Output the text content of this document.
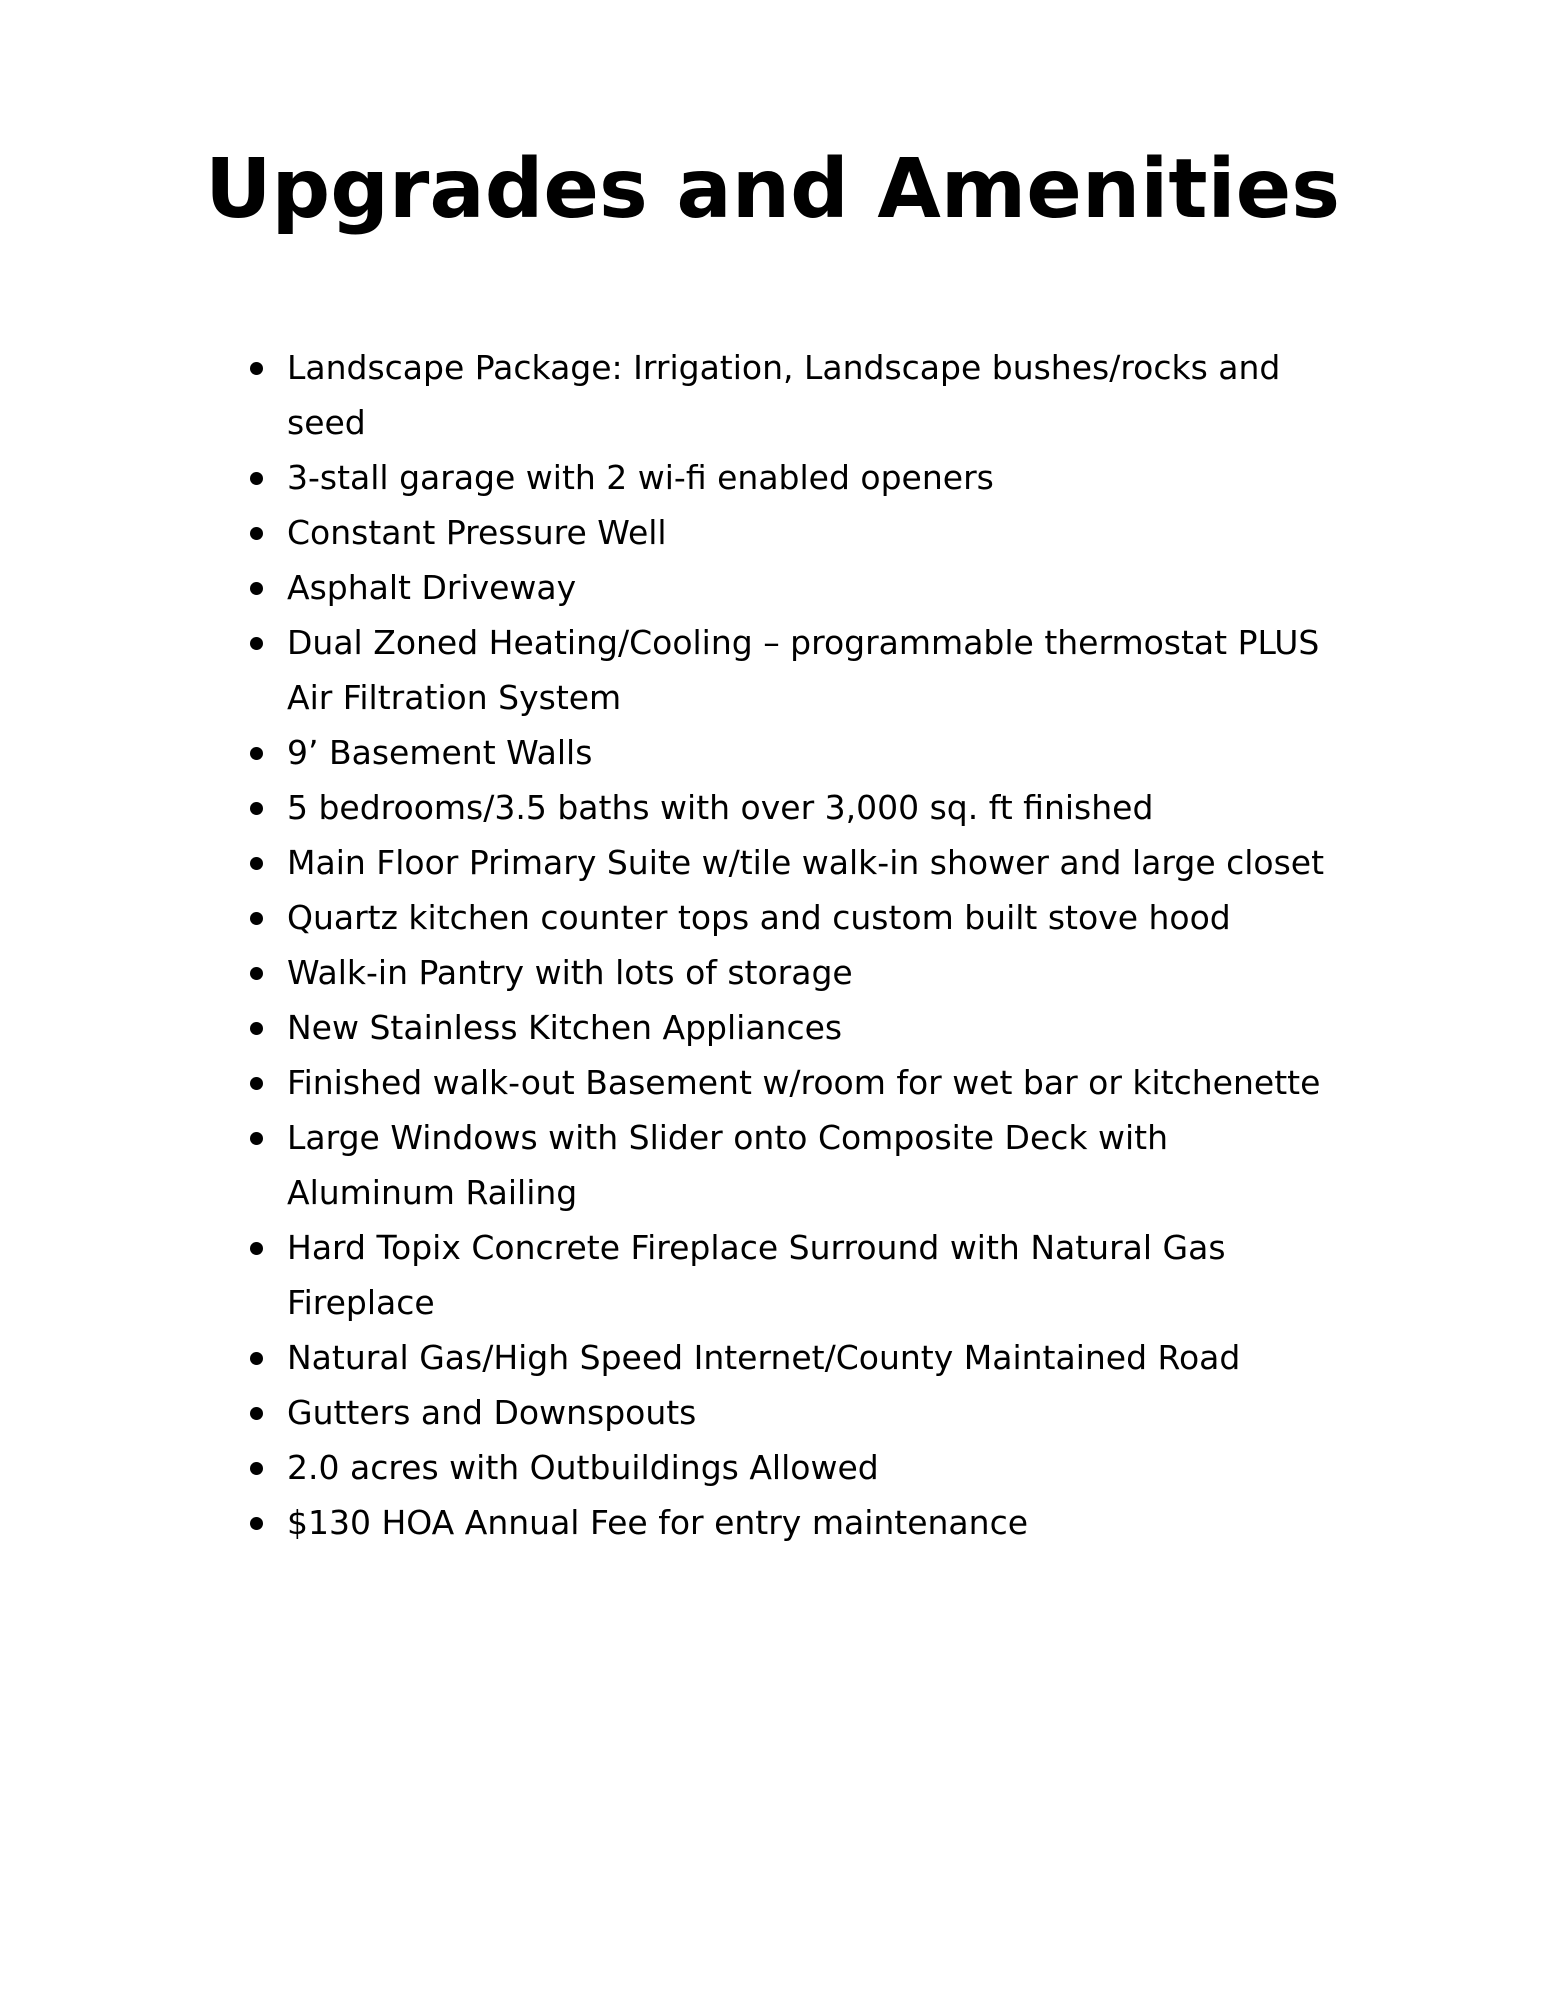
Upgrades and Amenities
Landscape Package: Irrigation, Landscape bushes/rocks and seed
3-stall garage with 2 wi-fi enabled openers
Constant Pressure Well
Asphalt Driveway
Dual Zoned Heating/Cooling – programmable thermostat PLUS Air Filtration System
9’ Basement Walls
5 bedrooms/3.5 baths with over 3,000 sq. ft finished
Main Floor Primary Suite w/tile walk-in shower and large closet
Quartz kitchen counter tops and custom built stove hood
Walk-in Pantry with lots of storage
New Stainless Kitchen Appliances
Finished walk-out Basement w/room for wet bar or kitchenette
Large Windows with Slider onto Composite Deck with Aluminum Railing
Hard Topix Concrete Fireplace Surround with Natural Gas Fireplace
Natural Gas/High Speed Internet/County Maintained Road
Gutters and Downspouts
2.0 acres with Outbuildings Allowed
$130 HOA Annual Fee for entry maintenance
